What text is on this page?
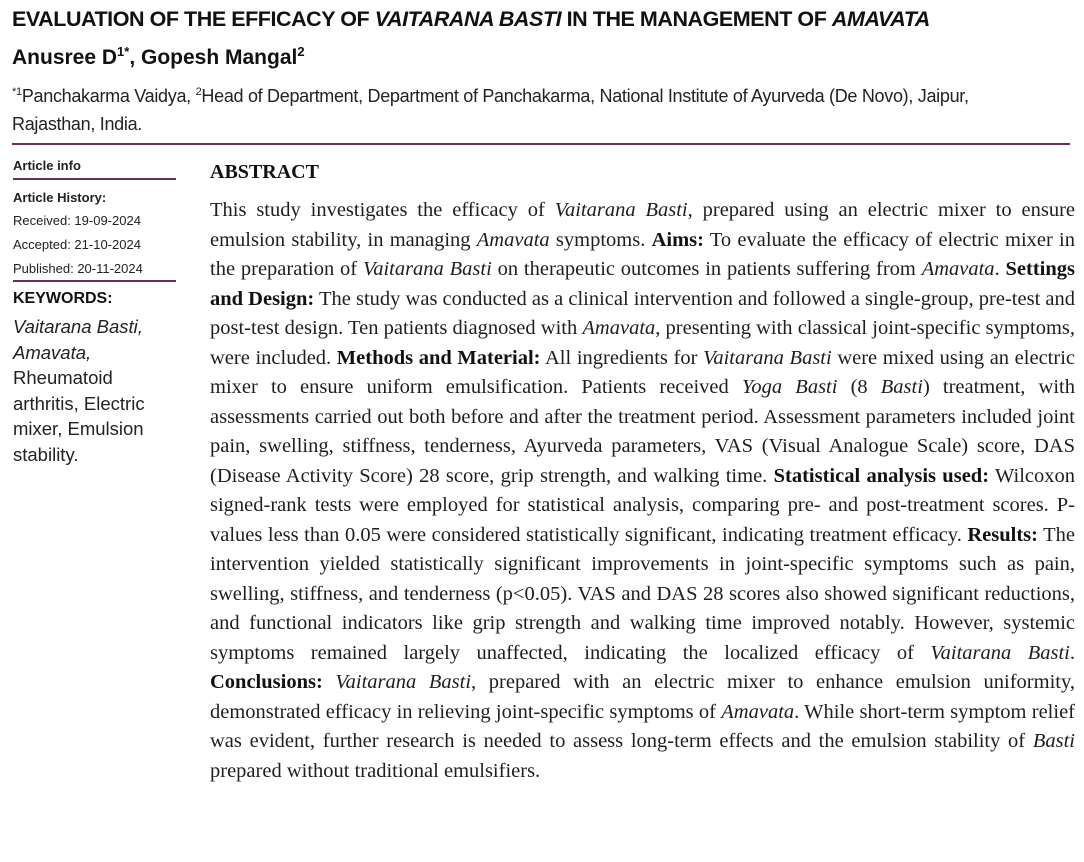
EVALUATION OF THE EFFICACY OF VAITARANA BASTI IN THE MANAGEMENT OF AMAVATA
Anusree $D^{1*}$, Gopesh Mangal$^2$
$^{*1}$Panchakarma Vaidya, $^2$Head of Department, Department of Panchakarma, National Institute of Ayurveda (De Novo), Jaipur, Rajasthan, India.
Article info
Article History:
Received: 19-09-2024
Accepted: 21-10-2024
Published: 20-11-2024
KEYWORDS:
Vaitarana Basti, Amavata, Rheumatoid arthritis, Electric mixer, Emulsion stability.
ABSTRACT
This study investigates the efficacy of Vaitarana Basti, prepared using an electric mixer to ensure emulsion stability, in managing Amavata symptoms. Aims: To evaluate the efficacy of electric mixer in the preparation of Vaitarana Basti on therapeutic outcomes in patients suffering from Amavata. Settings and Design: The study was conducted as a clinical intervention and followed a single-group, pre-test and post-test design. Ten patients diagnosed with Amavata, presenting with classical joint-specific symptoms, were included. Methods and Material: All ingredients for Vaitarana Basti were mixed using an electric mixer to ensure uniform emulsification. Patients received Yoga Basti (8 Basti) treatment, with assessments carried out both before and after the treatment period. Assessment parameters included joint pain, swelling, stiffness, tenderness, Ayurveda parameters, VAS (Visual Analogue Scale) score, DAS (Disease Activity Score) 28 score, grip strength, and walking time. Statistical analysis used: Wilcoxon signed-rank tests were employed for statistical analysis, comparing pre- and post-treatment scores. P-values less than 0.05 were considered statistically significant, indicating treatment efficacy. Results: The intervention yielded statistically significant improvements in joint-specific symptoms such as pain, swelling, stiffness, and tenderness (p<0.05). VAS and DAS 28 scores also showed significant reductions, and functional indicators like grip strength and walking time improved notably. However, systemic symptoms remained largely unaffected, indicating the localized efficacy of Vaitarana Basti. Conclusions: Vaitarana Basti, prepared with an electric mixer to enhance emulsion uniformity, demonstrated efficacy in relieving joint-specific symptoms of Amavata. While short-term symptom relief was evident, further research is needed to assess long-term effects and the emulsion stability of Basti prepared without traditional emulsifiers.
